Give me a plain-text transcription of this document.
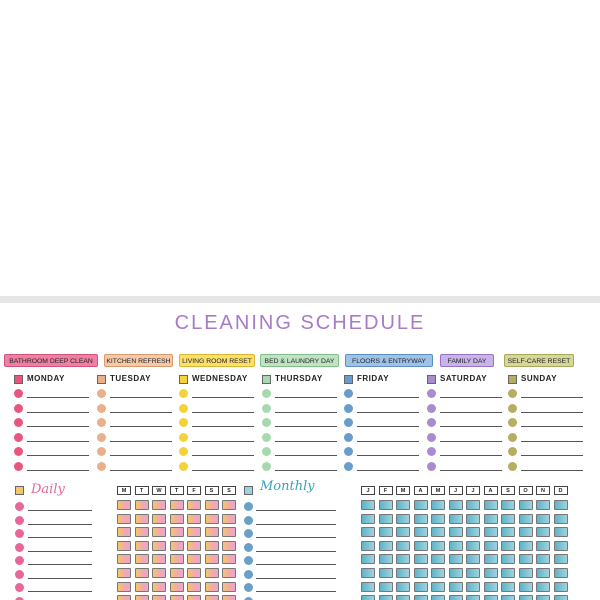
CLEANING SCHEDULE
BATHROOM DEEP CLEAN	KITCHEN REFRESH	LIVING ROOM RESET	BED & LAUNDRY DAY	FLOORS & ENTRYWAY	FAMILY DAY	SELF-CARE RESET
MONDAY	TUESDAY	WEDNESDAY	THURSDAY	FRIDAY	SATURDAY	SUNDAY
Daily	M	T	W	T	F	S	S	Monthly	J	F	M	A	M	J	J	A	S	O	N	D
